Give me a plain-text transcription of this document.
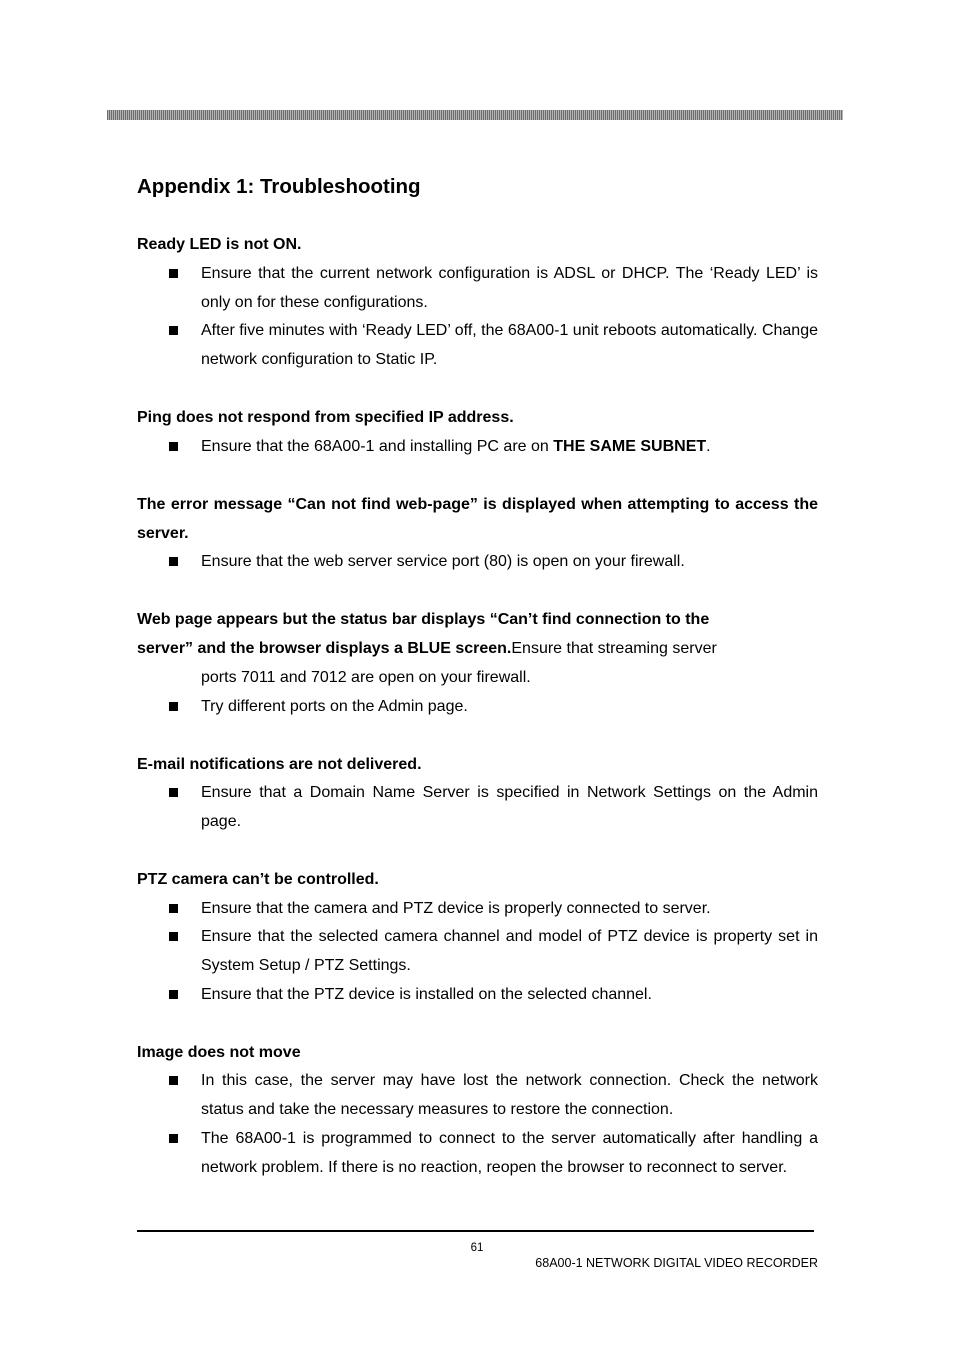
Appendix 1: Troubleshooting
Ready LED is not ON.
Ensure that the current network configuration is ADSL or DHCP. The ‘Ready LED’ is only on for these configurations.
After five minutes with ‘Ready LED’ off, the 68A00-1 unit reboots automatically. Change network configuration to Static IP.
Ping does not respond from specified IP address.
Ensure that the 68A00-1 and installing PC are on THE SAME SUBNET.
The error message “Can not find web-page” is displayed when attempting to access the server.
Ensure that the web server service port (80) is open on your firewall.
Web page appears but the status bar displays “Can’t find connection to the
server” and the browser displays a BLUE screen.Ensure that streaming server
ports 7011 and 7012 are open on your firewall.
Try different ports on the Admin page.
E-mail notifications are not delivered.
Ensure that a Domain Name Server is specified in Network Settings on the Admin page.
PTZ camera can’t be controlled.
Ensure that the camera and PTZ device is properly connected to server.
Ensure that the selected camera channel and model of PTZ device is property set in System Setup / PTZ Settings.
Ensure that the PTZ device is installed on the selected channel.
Image does not move
In this case, the server may have lost the network connection. Check the network status and take the necessary measures to restore the connection.
The 68A00-1 is programmed to connect to the server automatically after handling a network problem. If there is no reaction, reopen the browser to reconnect to server.
61
68A00-1 NETWORK DIGITAL VIDEO RECORDER
